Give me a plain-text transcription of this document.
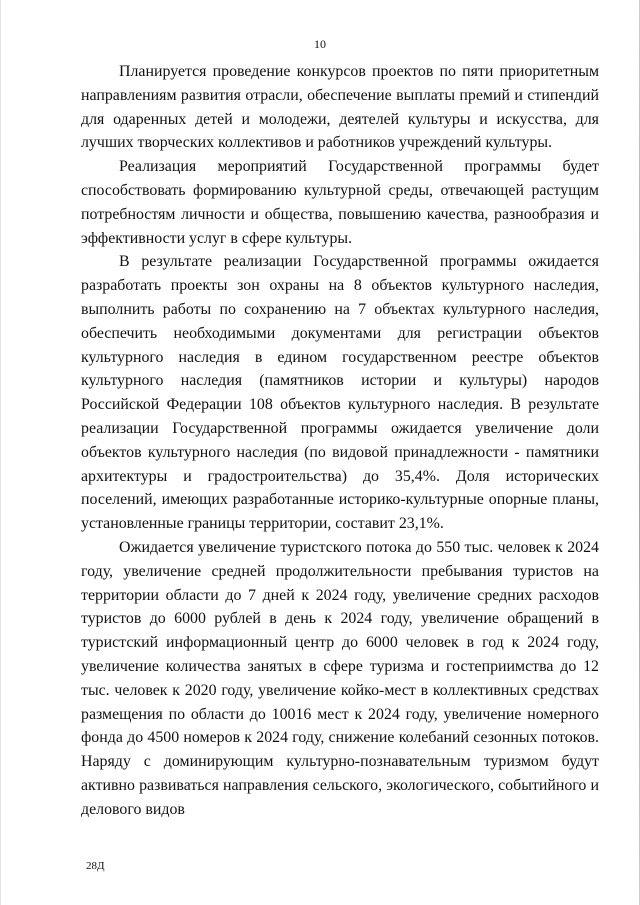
10

Планируется проведение конкурсов проектов по пяти приоритетным направлениям развития отрасли, обеспечение выплаты премий и стипендий для одаренных детей и молодежи, деятелей культуры и искусства, для лучших творческих коллективов и работников учреждений культуры.

Реализация мероприятий Государственной программы будет способствовать формированию культурной среды, отвечающей растущим потребностям личности и общества, повышению качества, разнообразия и эффективности услуг в сфере культуры.

В результате реализации Государственной программы ожидается разработать проекты зон охраны на 8 объектов культурного наследия, выполнить работы по сохранению на 7 объектах культурного наследия, обеспечить необходимыми документами для регистрации объектов культурного наследия в едином государственном реестре объектов культурного наследия (памятников истории и культуры) народов Российской Федерации 108 объектов культурного наследия. В результате реализации Государственной программы ожидается увеличение доли объектов культурного наследия (по видовой принадлежности - памятники архитектуры и градостроительства) до 35,4%. Доля исторических поселений, имеющих разработанные историко-культурные опорные планы, установленные границы территории, составит 23,1%.

Ожидается увеличение туристского потока до 550 тыс. человек к 2024 году, увеличение средней продолжительности пребывания туристов на территории области до 7 дней к 2024 году, увеличение средних расходов туристов до 6000 рублей в день к 2024 году, увеличение обращений в туристский информационный центр до 6000 человек в год к 2024 году, увеличение количества занятых в сфере туризма и гостеприимства до 12 тыс. человек к 2020 году, увеличение койко-мест в коллективных средствах размещения по области до 10016 мест к 2024 году, увеличение номерного фонда до 4500 номеров к 2024 году, снижение колебаний сезонных потоков. Наряду с доминирующим культурно-познавательным туризмом будут активно развиваться направления сельского, экологического, событийного и делового видов

28Д
